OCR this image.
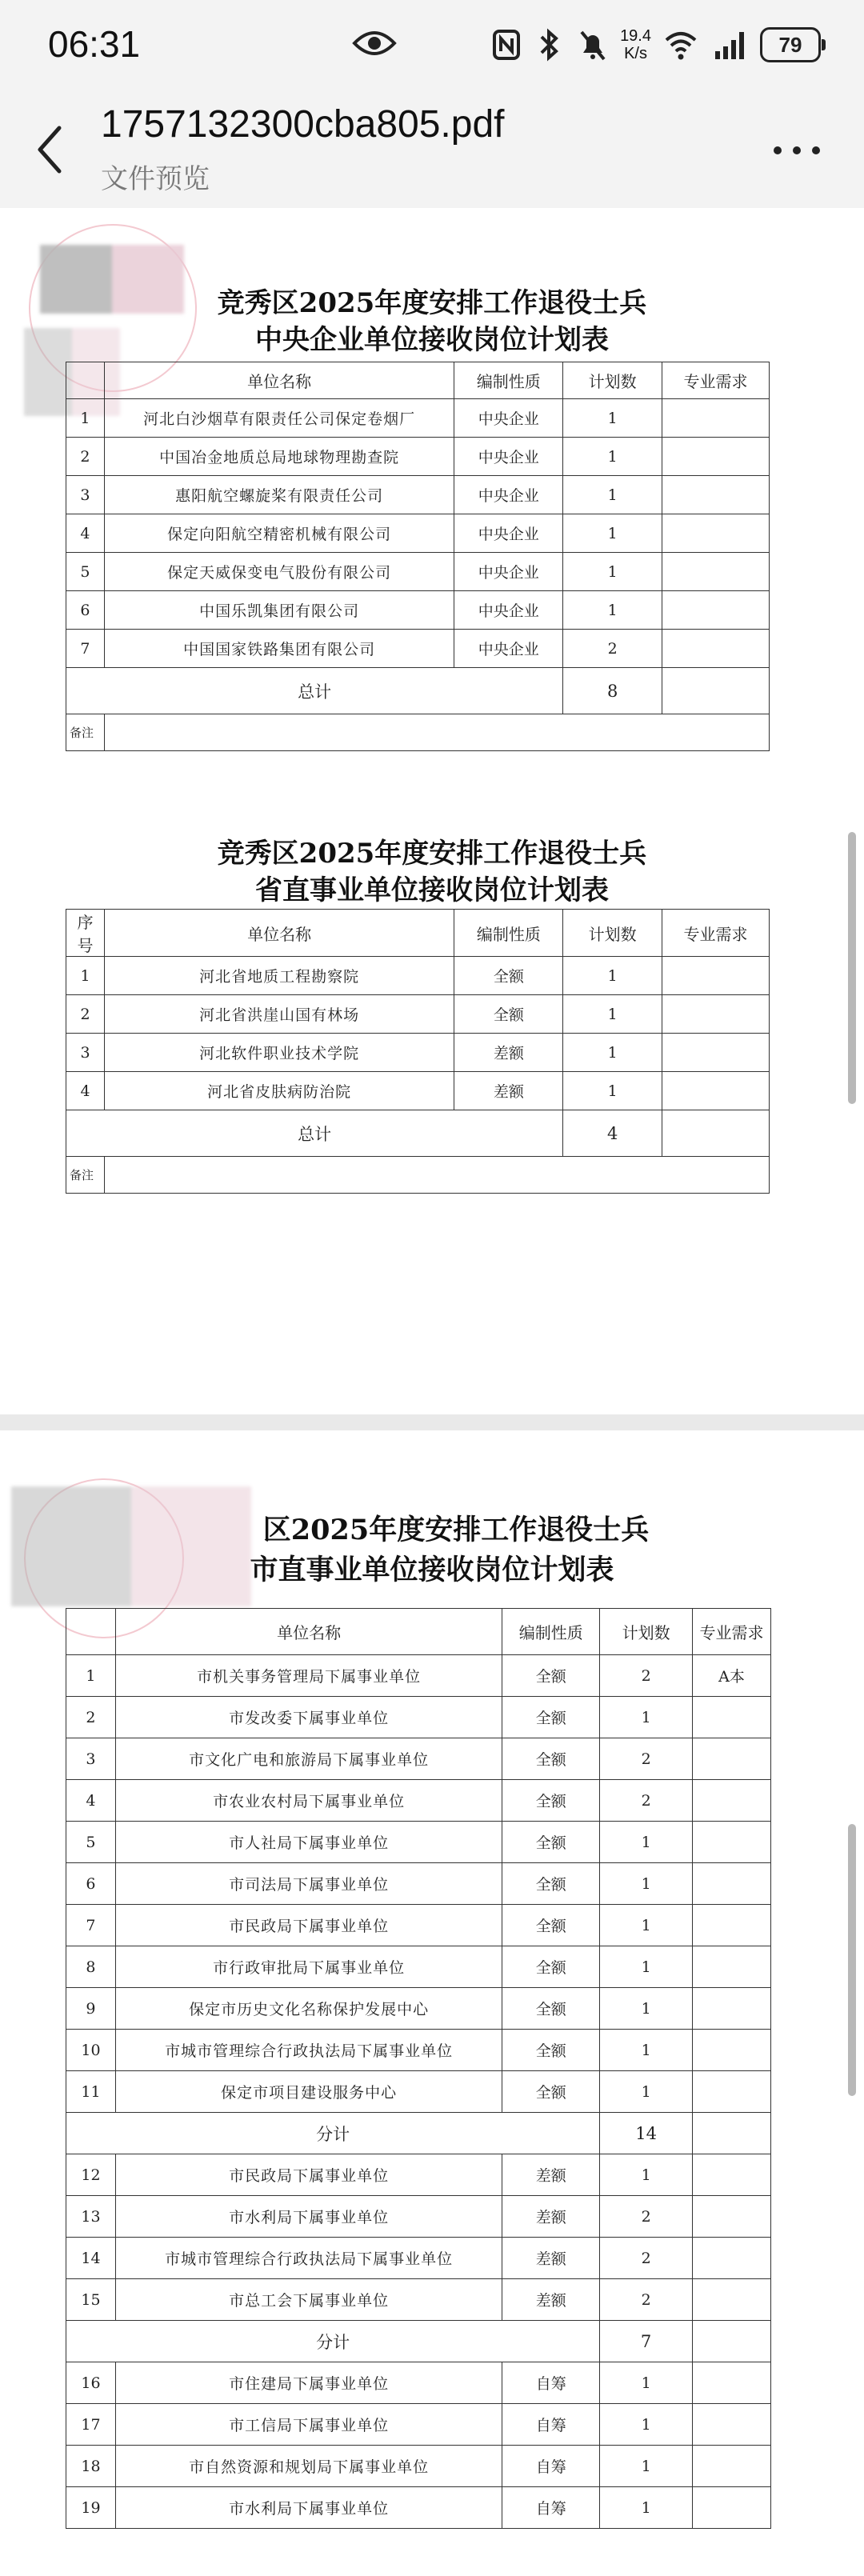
06:31	19.4
K/s	79
1757132300cba805.pdf
文件预览
竞秀区2025年度安排工作退役士兵
中央企业单位接收岗位计划表
	单位名称	编制性质	计划数	专业需求
1	河北白沙烟草有限责任公司保定卷烟厂	中央企业	1	
2	中国冶金地质总局地球物理勘查院	中央企业	1	
3	惠阳航空螺旋桨有限责任公司	中央企业	1	
4	保定向阳航空精密机械有限公司	中央企业	1	
5	保定天威保变电气股份有限公司	中央企业	1	
6	中国乐凯集团有限公司	中央企业	1	
7	中国国家铁路集团有限公司	中央企业	2	
总计			8	
备注				
竞秀区2025年度安排工作退役士兵
省直事业单位接收岗位计划表
序号	单位名称	编制性质	计划数	专业需求
1	河北省地质工程勘察院	全额	1	
2	河北省洪崖山国有林场	全额	1	
3	河北软件职业技术学院	差额	1	
4	河北省皮肤病防治院	差额	1	
总计			4	
备注				
区2025年度安排工作退役士兵
市直事业单位接收岗位计划表
	单位名称	编制性质	计划数	专业需求
1	市机关事务管理局下属事业单位	全额	2	A本
2	市发改委下属事业单位	全额	1	
3	市文化广电和旅游局下属事业单位	全额	2	
4	市农业农村局下属事业单位	全额	2	
5	市人社局下属事业单位	全额	1	
6	市司法局下属事业单位	全额	1	
7	市民政局下属事业单位	全额	1	
8	市行政审批局下属事业单位	全额	1	
9	保定市历史文化名称保护发展中心	全额	1	
10	市城市管理综合行政执法局下属事业单位	全额	1	
11	保定市项目建设服务中心	全额	1	
分计			14	
12	市民政局下属事业单位	差额	1	
13	市水利局下属事业单位	差额	2	
14	市城市管理综合行政执法局下属事业单位	差额	2	
15	市总工会下属事业单位	差额	2	
分计			7	
16	市住建局下属事业单位	自筹	1	
17	市工信局下属事业单位	自筹	1	
18	市自然资源和规划局下属事业单位	自筹	1	
19	市水利局下属事业单位	自筹	1	
